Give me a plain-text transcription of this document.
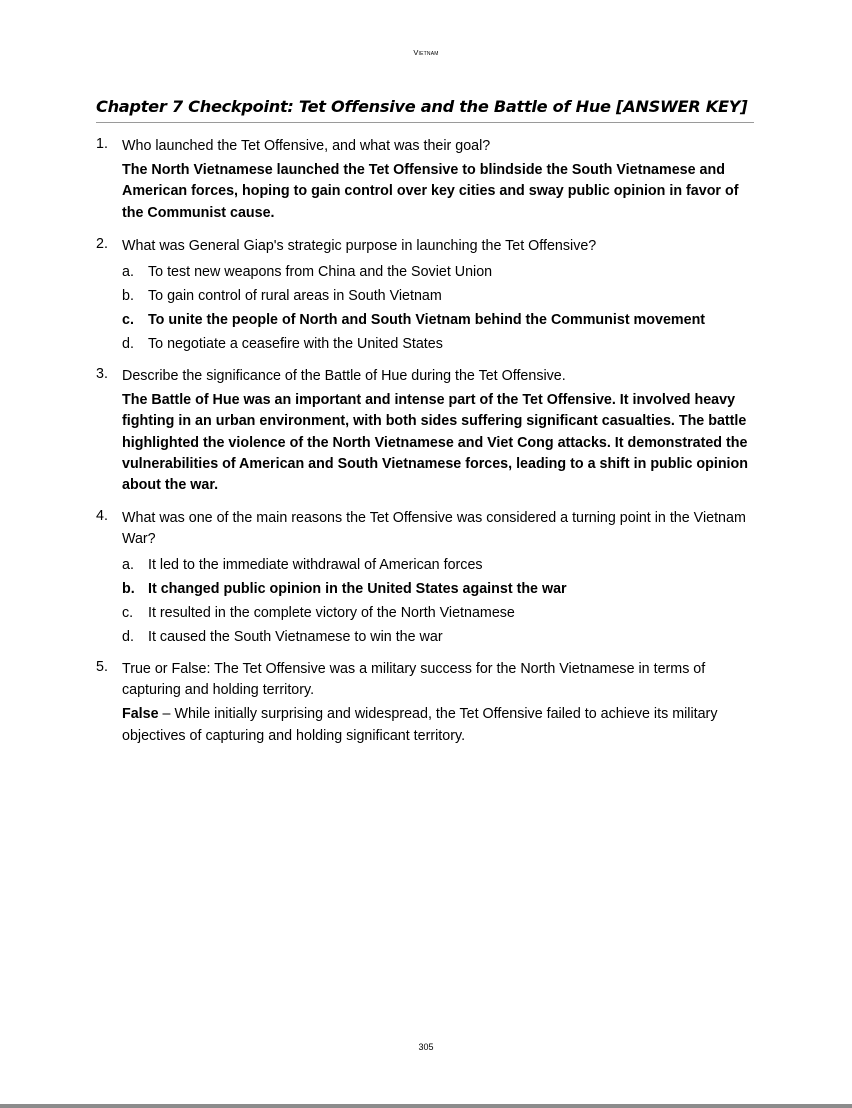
Vietnam
Chapter 7 Checkpoint: Tet Offensive and the Battle of Hue [ANSWER KEY]
1. Who launched the Tet Offensive, and what was their goal?
The North Vietnamese launched the Tet Offensive to blindside the South Vietnamese and American forces, hoping to gain control over key cities and sway public opinion in favor of the Communist cause.
2. What was General Giap's strategic purpose in launching the Tet Offensive?
a. To test new weapons from China and the Soviet Union
b. To gain control of rural areas in South Vietnam
c. To unite the people of North and South Vietnam behind the Communist movement
d. To negotiate a ceasefire with the United States
3. Describe the significance of the Battle of Hue during the Tet Offensive.
The Battle of Hue was an important and intense part of the Tet Offensive. It involved heavy fighting in an urban environment, with both sides suffering significant casualties. The battle highlighted the violence of the North Vietnamese and Viet Cong attacks. It demonstrated the vulnerabilities of American and South Vietnamese forces, leading to a shift in public opinion about the war.
4. What was one of the main reasons the Tet Offensive was considered a turning point in the Vietnam War?
a. It led to the immediate withdrawal of American forces
b. It changed public opinion in the United States against the war
c. It resulted in the complete victory of the North Vietnamese
d. It caused the South Vietnamese to win the war
5. True or False: The Tet Offensive was a military success for the North Vietnamese in terms of capturing and holding territory.
False – While initially surprising and widespread, the Tet Offensive failed to achieve its military objectives of capturing and holding significant territory.
305
